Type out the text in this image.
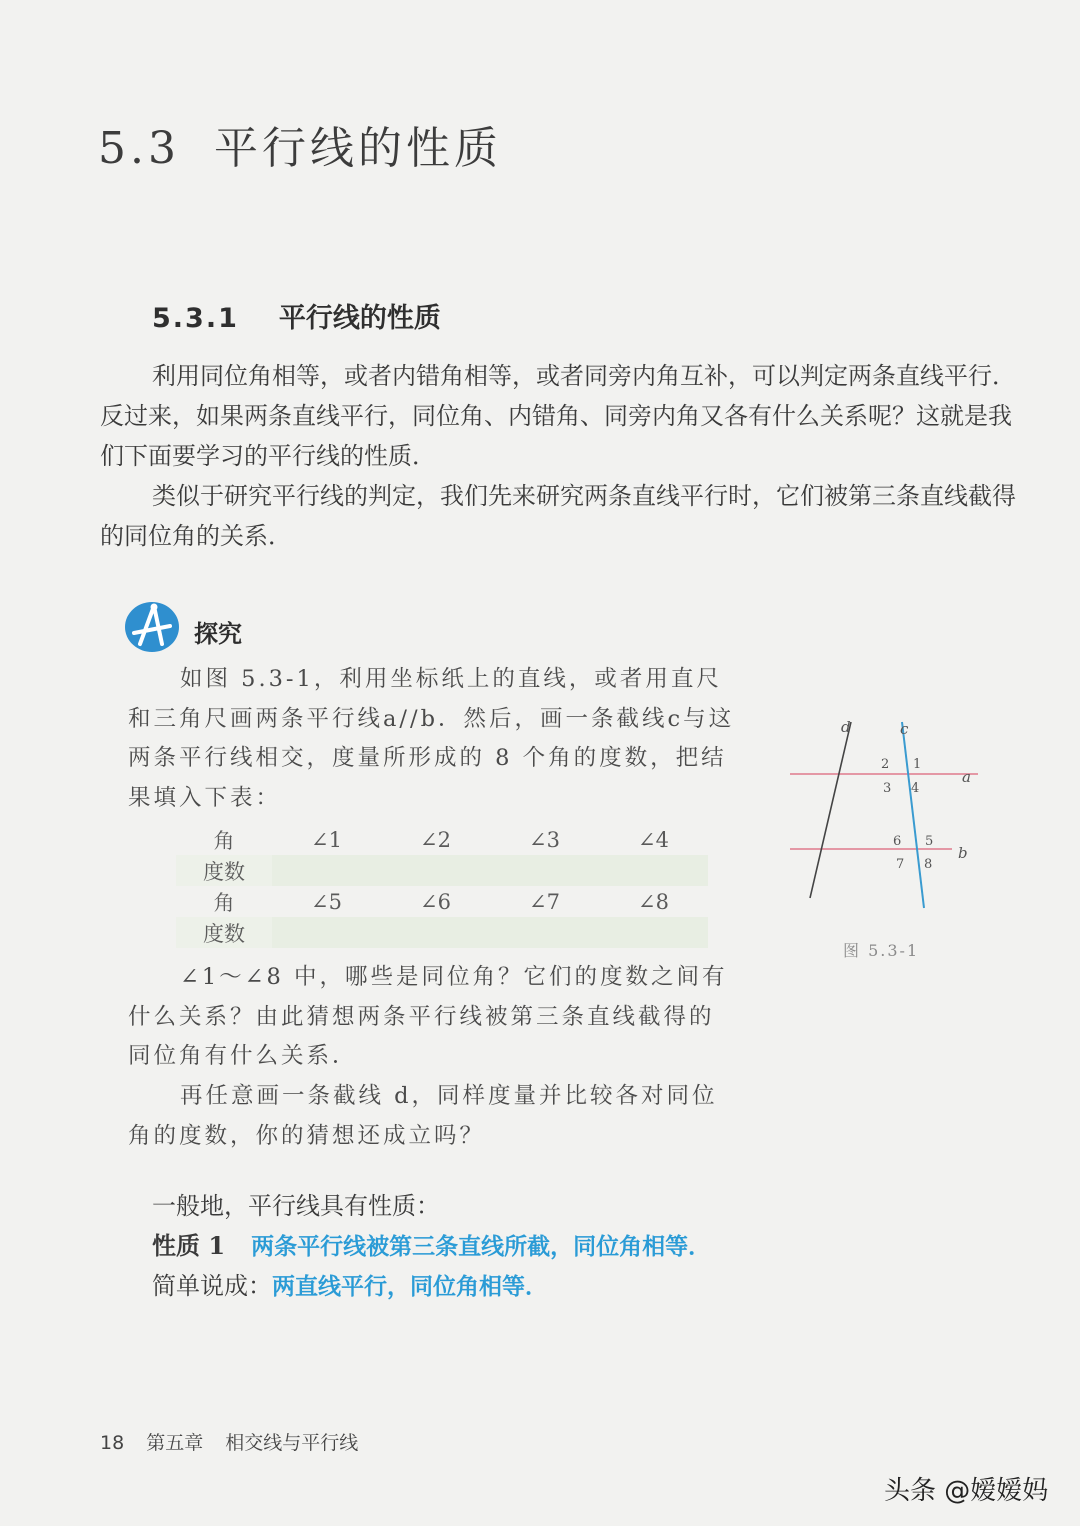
5.3 平行线的性质
5.3.1 平行线的性质
利用同位角相等，或者内错角相等，或者同旁内角互补，可以判定两条直线平行．反过来，如果两条直线平行，同位角、内错角、同旁内角又各有什么关系呢？这就是我们下面要学习的平行线的性质．
类似于研究平行线的判定，我们先来研究两条直线平行时，它们被第三条直线截得的同位角的关系．
探究
如图 5.3-1，利用坐标纸上的直线，或者用直尺和三角尺画两条平行线a//b．然后，画一条截线c与这两条平行线相交，度量所形成的 8 个角的度数，把结果填入下表：
角	∠1	∠2	∠3	∠4
度数				
角	∠5	∠6	∠7	∠8
度数				
∠1～∠8 中，哪些是同位角？它们的度数之间有什么关系？由此猜想两条平行线被第三条直线截得的同位角有什么关系．
再任意画一条截线 d，同样度量并比较各对同位角的度数，你的猜想还成立吗？
d	c
a
b
1
2
3 4
5
6
7 8
图 5.3-1
一般地，平行线具有性质：
性质 1 两条平行线被第三条直线所截，同位角相等．
简单说成：两直线平行，同位角相等．
18 第五章 相交线与平行线
头条 @嫒嫒妈
